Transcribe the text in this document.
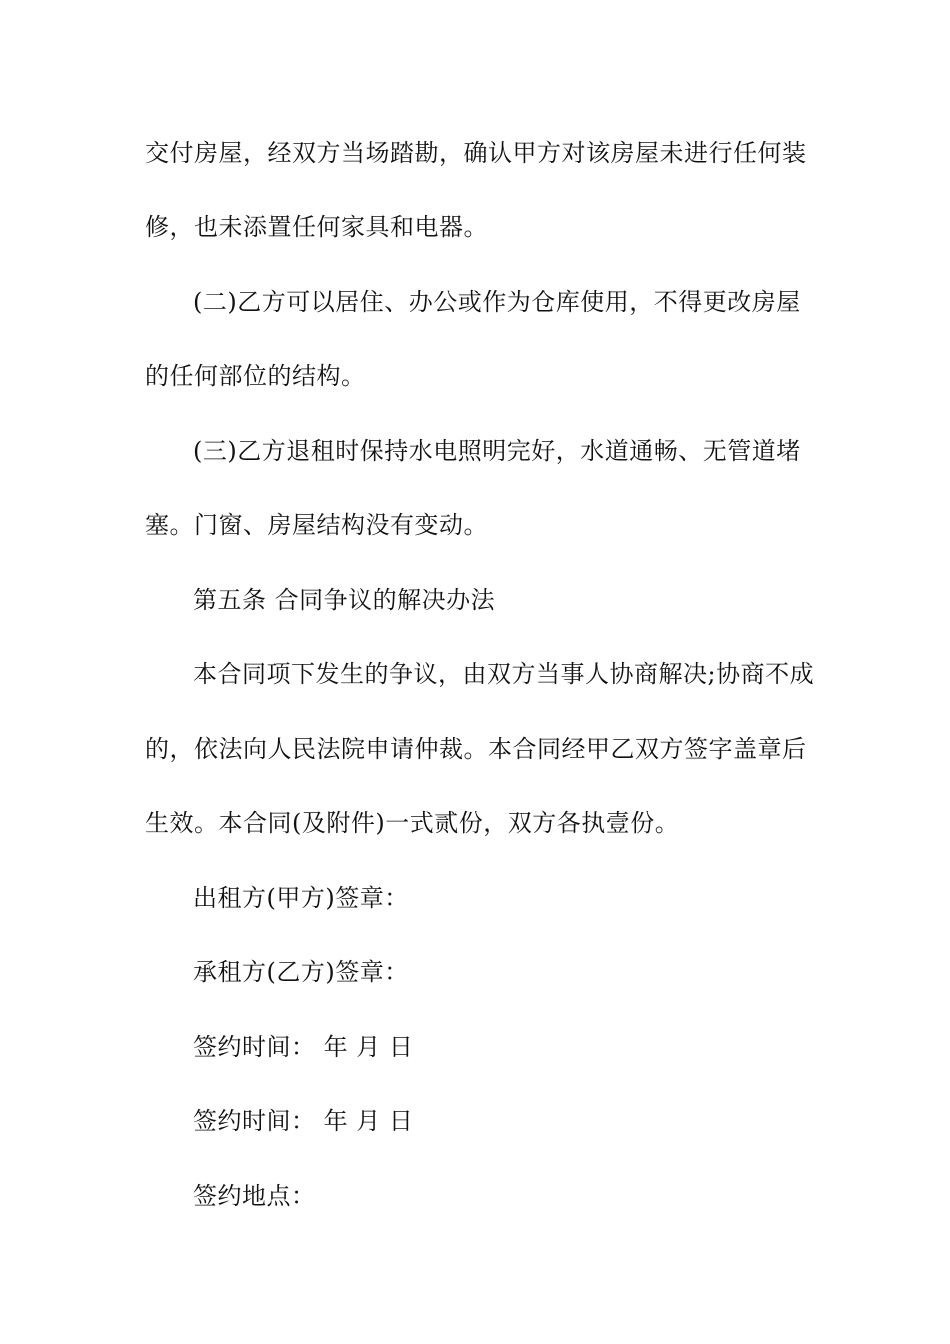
交付房屋，经双方当场踏勘，确认甲方对该房屋未进行任何装
修，也未添置任何家具和电器。
(二)乙方可以居住、办公或作为仓库使用，不得更改房屋
的任何部位的结构。
(三)乙方退租时保持水电照明完好，水道通畅、无管道堵
塞。门窗、房屋结构没有变动。
第五条 合同争议的解决办法
本合同项下发生的争议，由双方当事人协商解决;协商不成
的，依法向人民法院申请仲裁。本合同经甲乙双方签字盖章后
生效。本合同(及附件)一式贰份，双方各执壹份。
出租方(甲方)签章：
承租方(乙方)签章：
签约时间： 年 月 日
签约时间： 年 月 日
签约地点：
